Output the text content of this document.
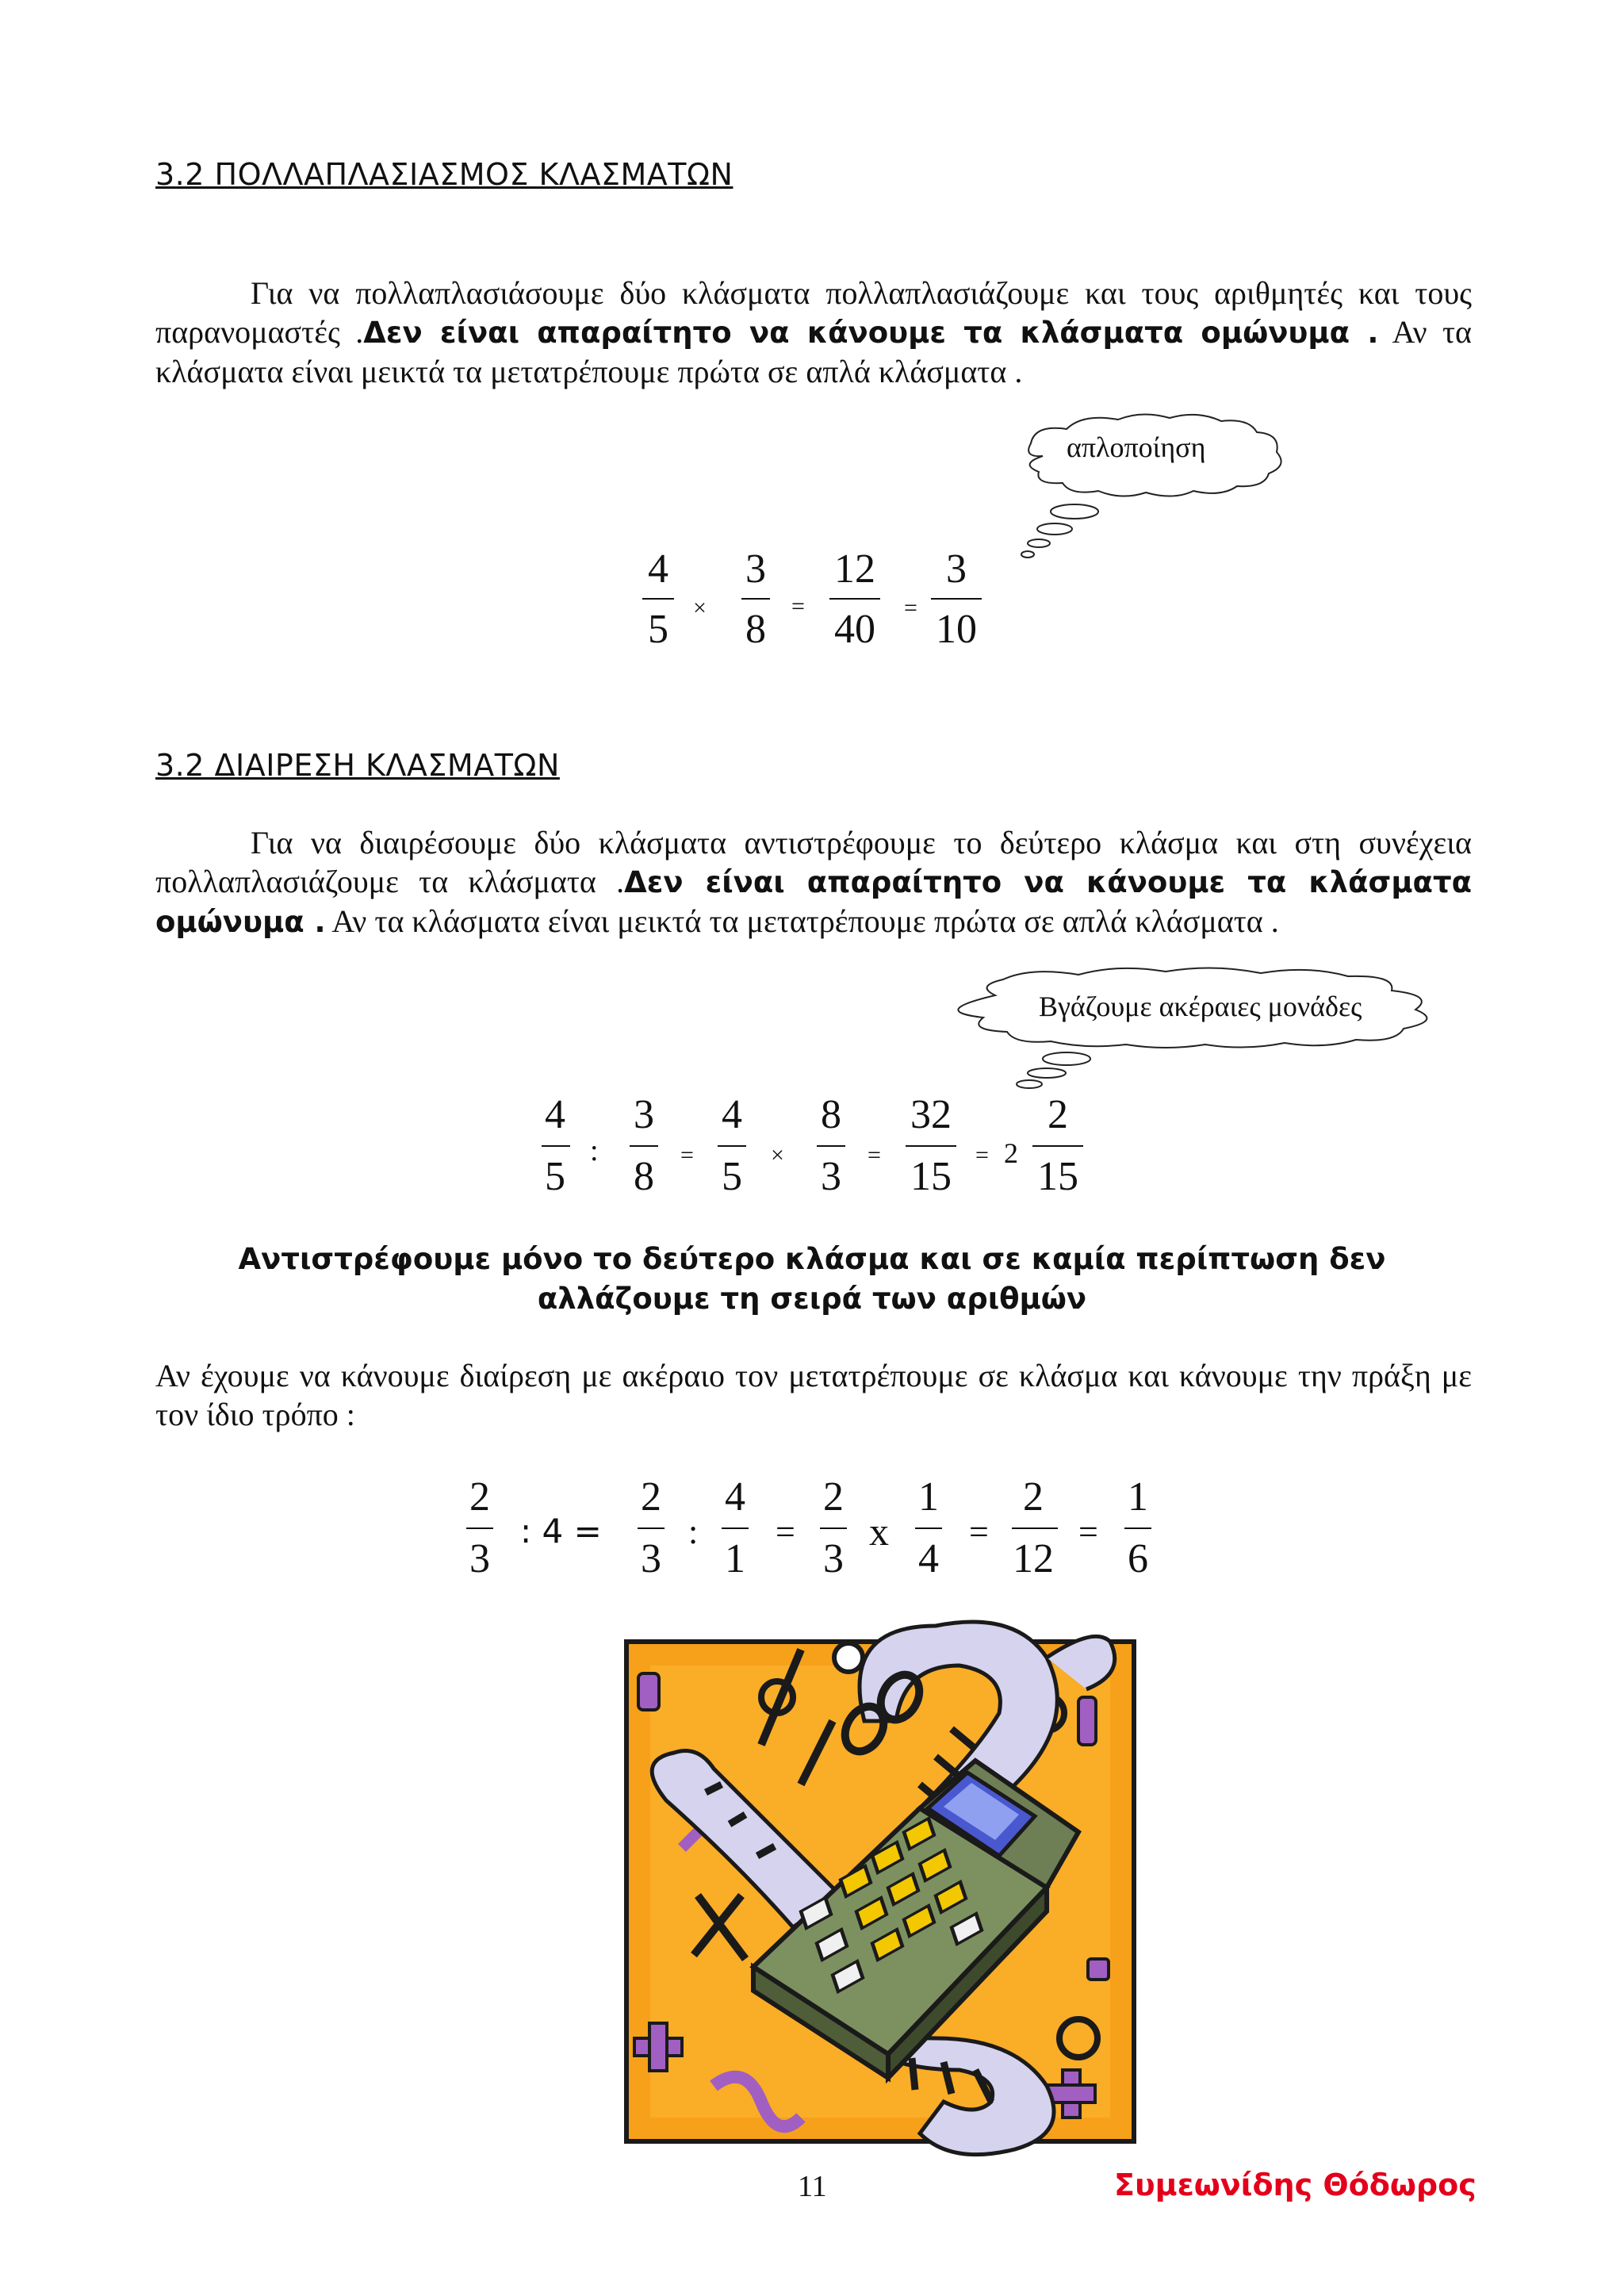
3.2 ΠΟΛΛΑΠΛΑΣΙΑΣΜΟΣ ΚΛΑΣΜΑΤΩΝ
Για να πολλαπλασιάσουμε δύο κλάσματα πολλαπλασιάζουμε και τους αριθμητές και τους παρανομαστές .Δεν είναι απαραίτητο να κάνουμε τα κλάσματα ομώνυμα . Αν τα κλάσματα είναι μεικτά τα μετατρέπουμε πρώτα σε απλά κλάσματα .
απλοποίηση
4
5	×
3
8
=
12
40	=
3
10
3.2 ΔΙΑΙΡΕΣΗ ΚΛΑΣΜΑΤΩΝ
Για να διαιρέσουμε δύο κλάσματα αντιστρέφουμε το δεύτερο κλάσμα και στη συνέχεια πολλαπλασιάζουμε τα κλάσματα .Δεν είναι απαραίτητο να κάνουμε τα κλάσματα ομώνυμα . Αν τα κλάσματα είναι μεικτά τα μετατρέπουμε πρώτα σε απλά κλάσματα .
Βγάζουμε ακέραιες μονάδες
4
5
:
3
8	=
4
5	×
8
3	=
32
15	= 2
2
15
Αντιστρέφουμε μόνο το δεύτερο κλάσμα και σε καμία περίπτωση δεν
αλλάζουμε τη σειρά των αριθμών
Αν έχουμε να κάνουμε διαίρεση με ακέραιο τον μετατρέπουμε σε κλάσμα και κάνουμε την πράξη με τον ίδιο τρόπο :
2
3
: 4 =
2
3
:
4
1
=
2
3
x
1
4
=
2
12
=
1
6
11	Συμεωνίδης Θόδωρος
